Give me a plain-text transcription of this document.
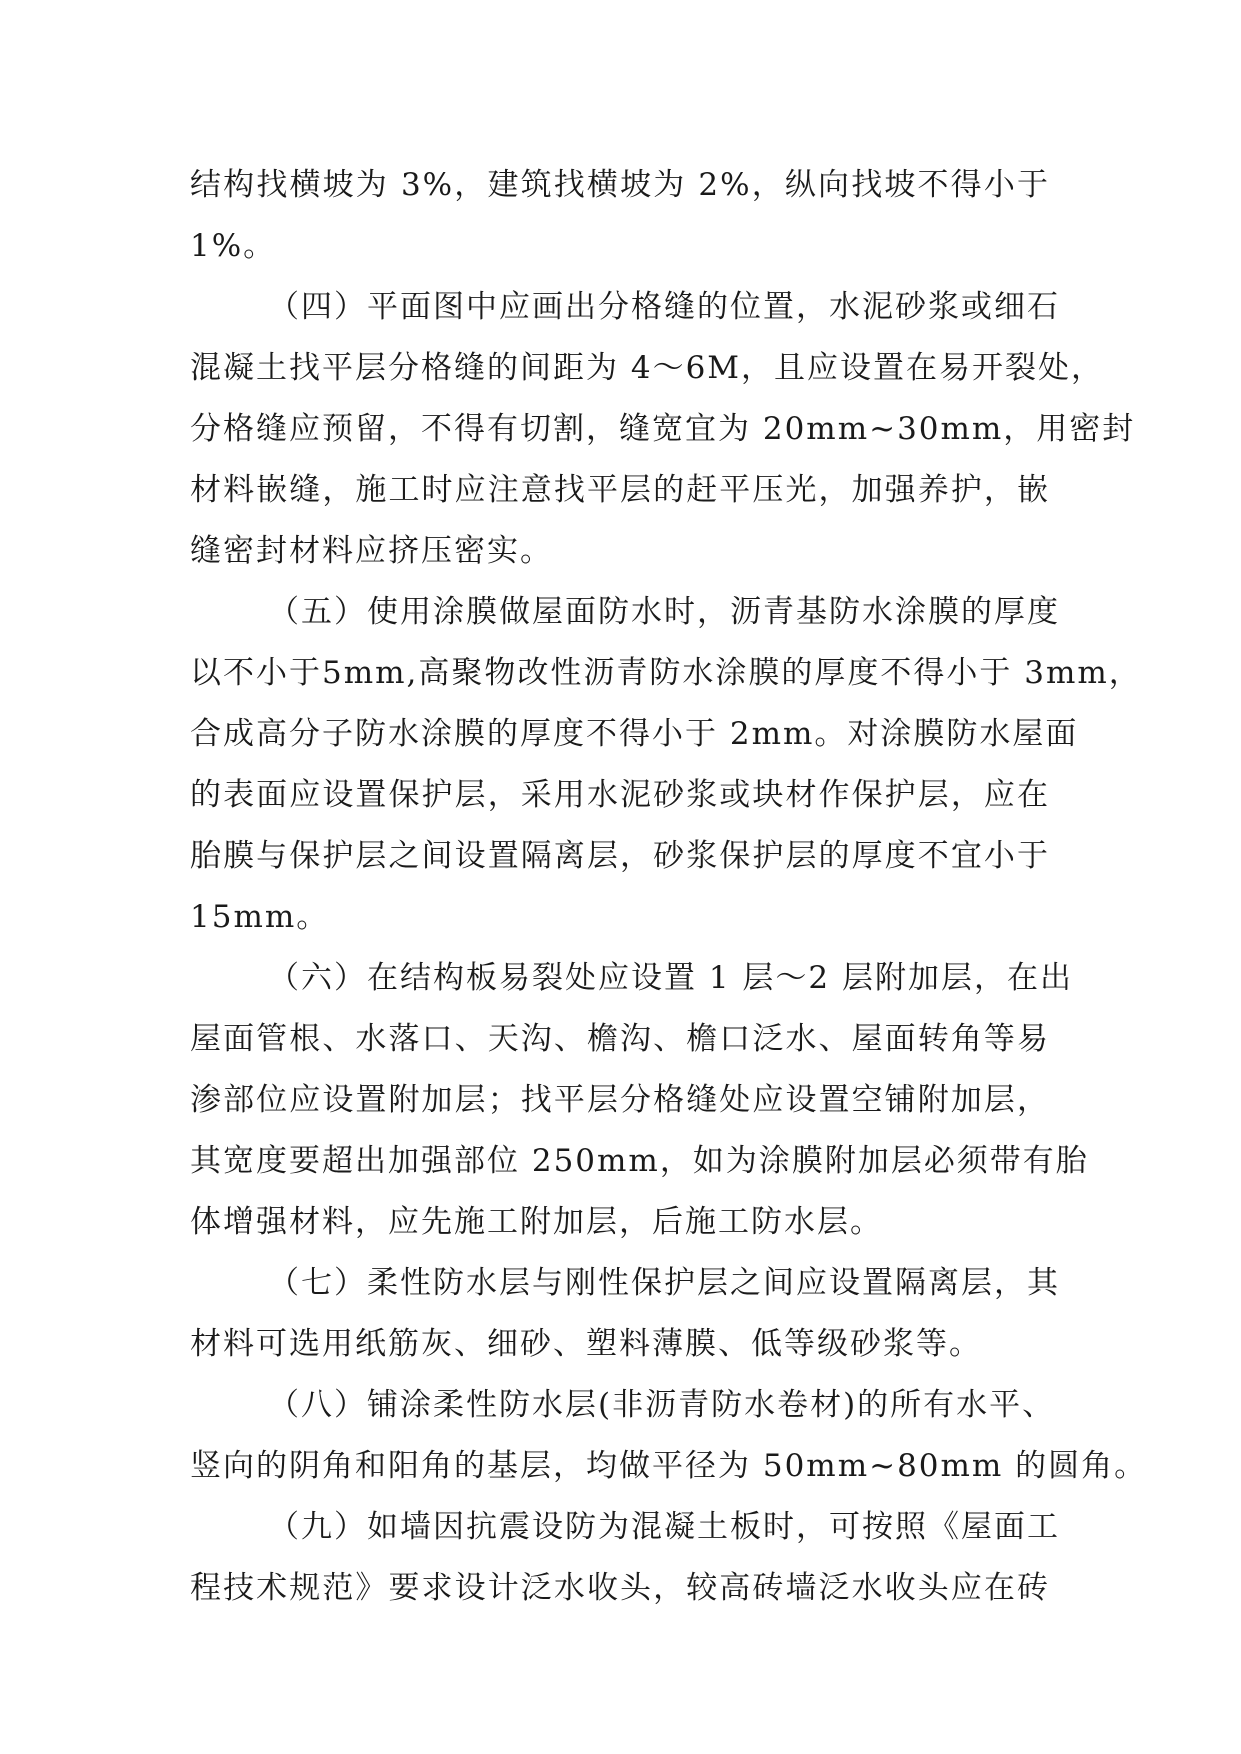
结构找横坡为 3%，建筑找横坡为 2%，纵向找坡不得小于
1%。
（四）平面图中应画出分格缝的位置，水泥砂浆或细石
混凝土找平层分格缝的间距为 4～6M，且应设置在易开裂处，
分格缝应预留，不得有切割，缝宽宜为 20mm~30mm，用密封
材料嵌缝，施工时应注意找平层的赶平压光，加强养护，嵌
缝密封材料应挤压密实。
（五）使用涂膜做屋面防水时，沥青基防水涂膜的厚度
以不小于5mm,高聚物改性沥青防水涂膜的厚度不得小于 3mm，
合成高分子防水涂膜的厚度不得小于 2mm。对涂膜防水屋面
的表面应设置保护层，采用水泥砂浆或块材作保护层，应在
胎膜与保护层之间设置隔离层，砂浆保护层的厚度不宜小于
15mm。
（六）在结构板易裂处应设置 1 层～2 层附加层，在出
屋面管根、水落口、天沟、檐沟、檐口泛水、屋面转角等易
渗部位应设置附加层；找平层分格缝处应设置空铺附加层，
其宽度要超出加强部位 250mm，如为涂膜附加层必须带有胎
体增强材料，应先施工附加层，后施工防水层。
（七）柔性防水层与刚性保护层之间应设置隔离层，其
材料可选用纸筋灰、细砂、塑料薄膜、低等级砂浆等。
（八）铺涂柔性防水层(非沥青防水卷材)的所有水平、
竖向的阴角和阳角的基层，均做平径为 50mm~80mm 的圆角。
（九）如墙因抗震设防为混凝土板时，可按照《屋面工
程技术规范》要求设计泛水收头，较高砖墙泛水收头应在砖
